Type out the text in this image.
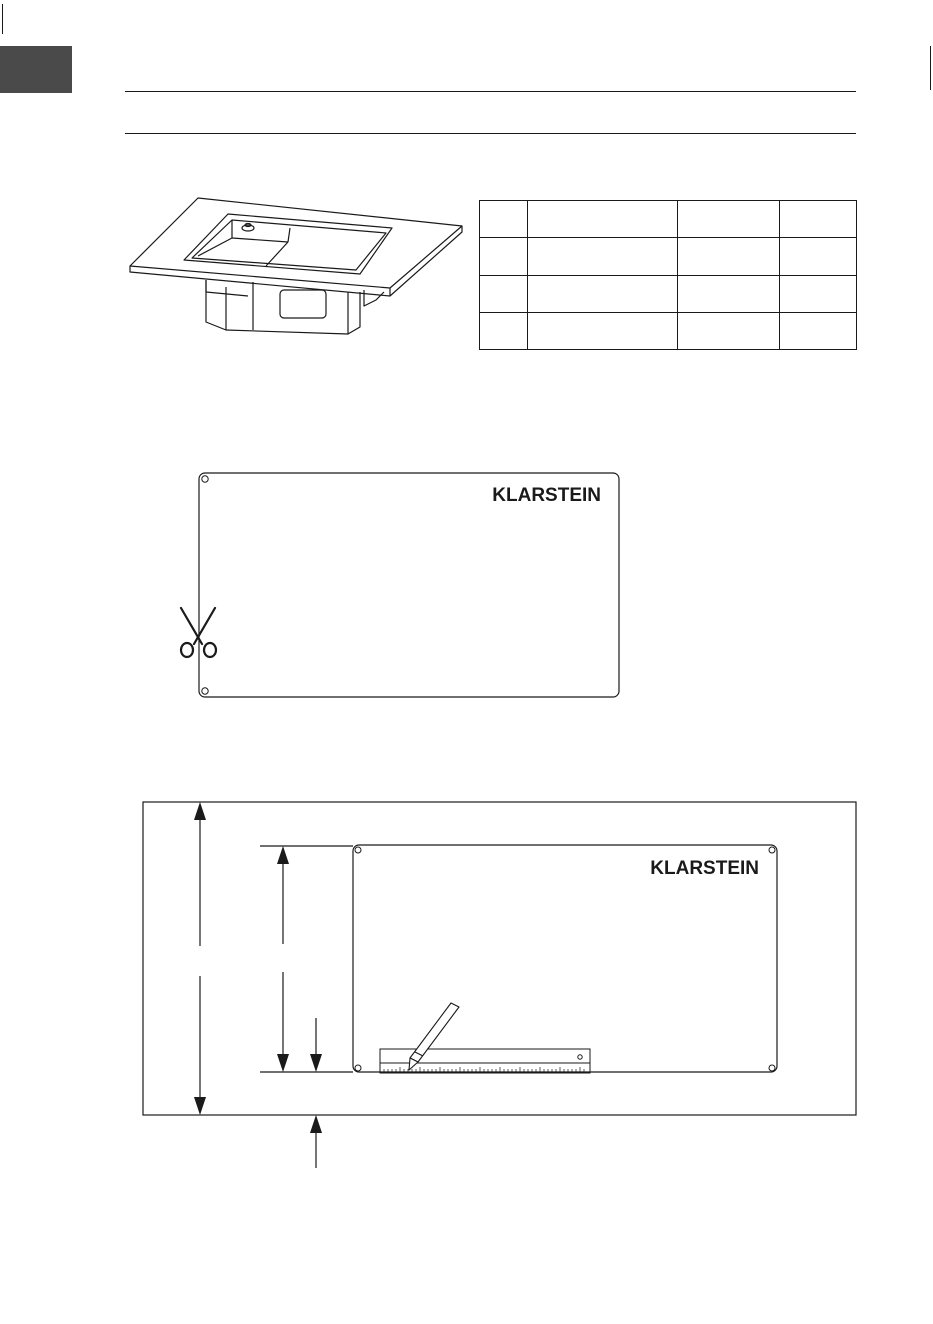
KLARSTEIN
KLARSTEIN
